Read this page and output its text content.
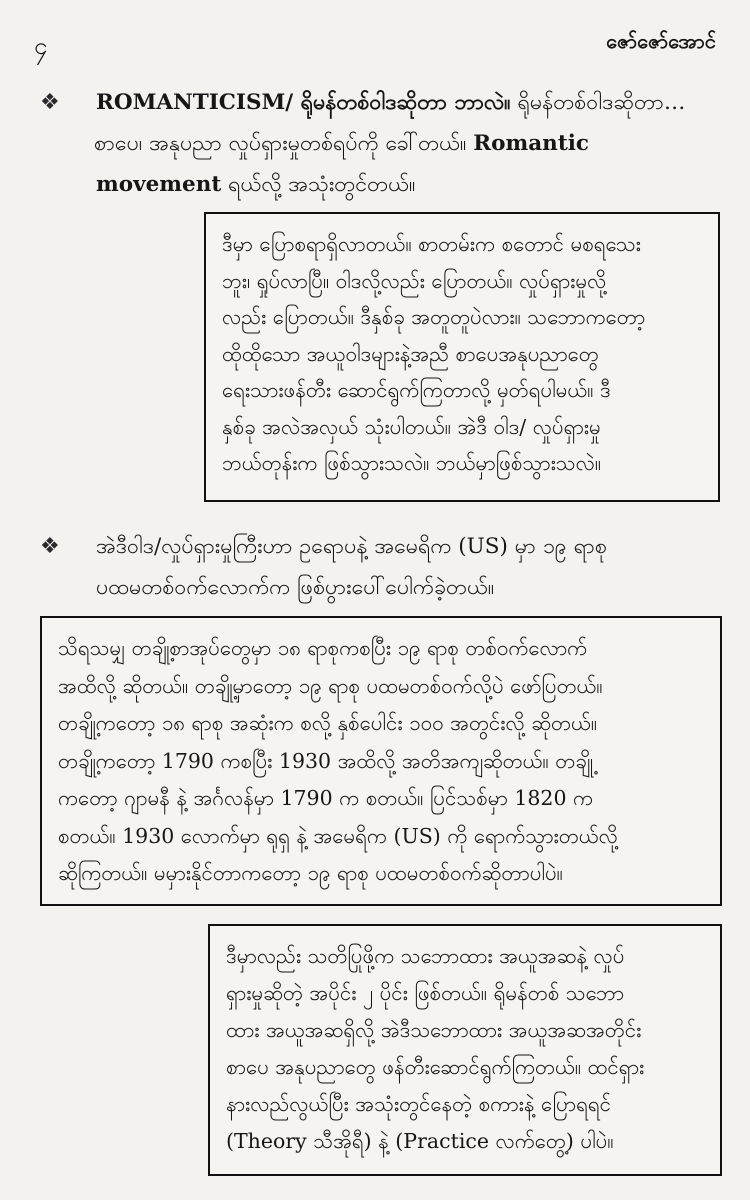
၄	ဇော်ဇော်အောင်
❖ ROMANTICISM/ ရိုမန်တစ်ဝါဒဆိုတာ ဘာလဲ။ ရိုမန်တစ်ဝါဒဆိုတာ…
စာပေ၊ အနုပညာ လှုပ်ရှားမှုတစ်ရပ်ကို ခေါ်တယ်။ Romantic
movement ရယ်လို့ အသုံးတွင်တယ်။
ဒီမှာ ပြောစရာရှိလာတယ်။ စာတမ်းက စတောင် မစရသေး
ဘူး၊ ရှုပ်လာပြီ။ ဝါဒလို့လည်း ပြောတယ်။ လှုပ်ရှားမှုလို့
လည်း ပြောတယ်။ ဒီနှစ်ခု အတူတူပဲလား။ သဘောကတော့
ထိုထိုသော အယူဝါဒများနဲ့အညီ စာပေအနုပညာတွေ
ရေးသားဖန်တီး ဆောင်ရွက်ကြတာလို့ မှတ်ရပါမယ်။ ဒီ
နှစ်ခု အလဲအလှယ် သုံးပါတယ်။ အဲဒီ ဝါဒ/ လှုပ်ရှားမှု
ဘယ်တုန်းက ဖြစ်သွားသလဲ။ ဘယ်မှာဖြစ်သွားသလဲ။
❖ အဲဒီဝါဒ/လှုပ်ရှားမှုကြီးဟာ ဥရောပနဲ့ အမေရိက (US) မှာ ၁၉ ရာစု
ပထမတစ်ဝက်လောက်က ဖြစ်ပွားပေါ်ပေါက်ခဲ့တယ်။
သိရသမျှ တချို့စာအုပ်တွေမှာ ၁၈ ရာစုကစပြီး ၁၉ ရာစု တစ်ဝက်လောက်
အထိလို့ ဆိုတယ်။ တချို့မှာတော့ ၁၉ ရာစု ပထမတစ်ဝက်လို့ပဲ ဖော်ပြတယ်။
တချို့ကတော့ ၁၈ ရာစု အဆုံးက စလို့ နှစ်ပေါင်း ၁၀၀ အတွင်းလို့ ဆိုတယ်။
တချို့ကတော့ 1790 ကစပြီး 1930 အထိလို့ အတိအကျဆိုတယ်။ တချို့
ကတော့ ဂျာမနီ နဲ့ အင်္ဂလန်မှာ 1790 က စတယ်။ ပြင်သစ်မှာ 1820 က
စတယ်။ 1930 လောက်မှာ ရုရှ နဲ့ အမေရိက (US) ကို ရောက်သွားတယ်လို့
ဆိုကြတယ်။ မမှားနိုင်တာကတော့ ၁၉ ရာစု ပထမတစ်ဝက်ဆိုတာပါပဲ။
ဒီမှာလည်း သတိပြုဖို့က သဘောထား အယူအဆနဲ့ လှုပ်
ရှားမှုဆိုတဲ့ အပိုင်း ၂ ပိုင်း ဖြစ်တယ်။ ရိုမန်တစ် သဘော
ထား အယူအဆရှိလို့ အဲဒီသဘောထား အယူအဆအတိုင်း
စာပေ အနုပညာတွေ ဖန်တီးဆောင်ရွက်ကြတယ်။ ထင်ရှား
နားလည်လွယ်ပြီး အသုံးတွင်နေတဲ့ စကားနဲ့ ပြောရရင်
(Theory သီအိုရီ) နဲ့ (Practice လက်တွေ့) ပါပဲ။
